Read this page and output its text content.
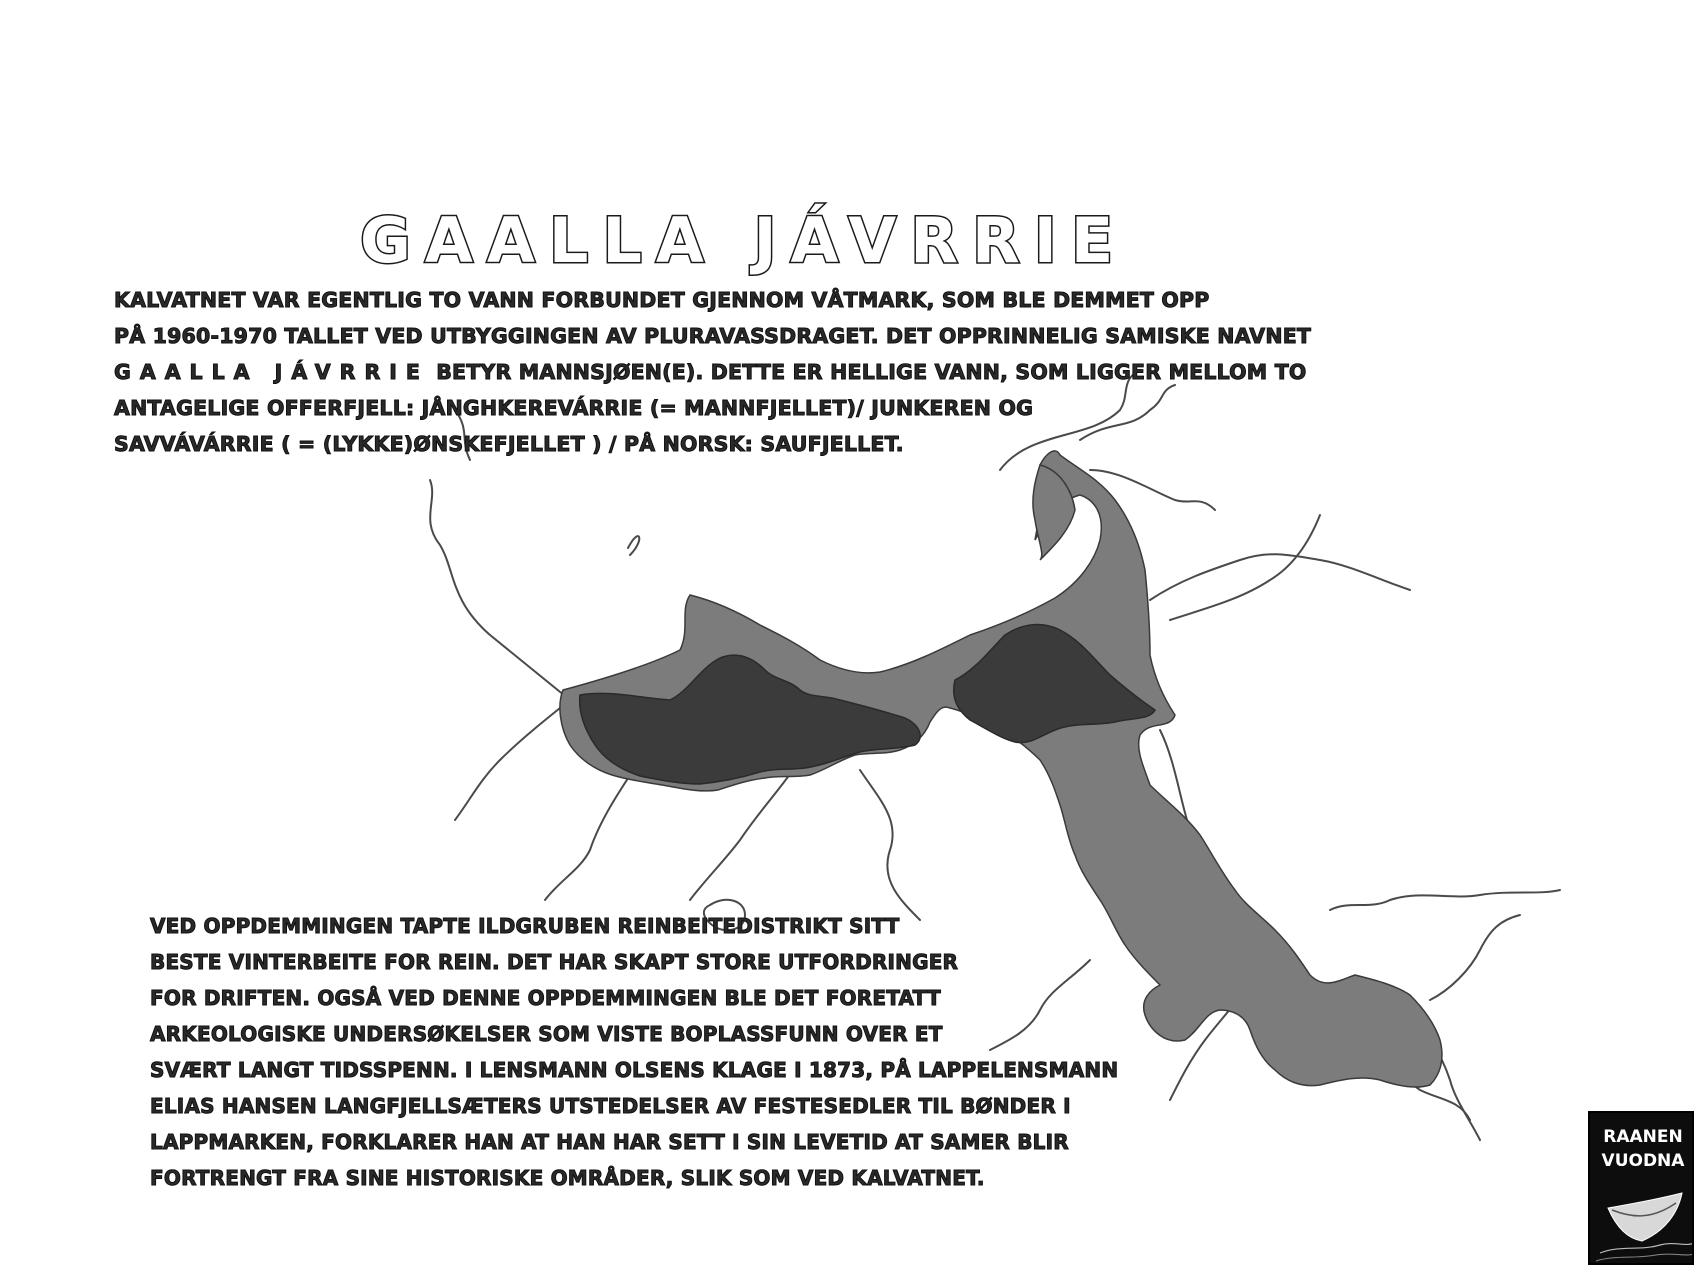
GAALLA JÁVRRIE

KALVATNET VAR EGENTLIG TO VANN FORBUNDET GJENNOM VÅTMARK, SOM BLE DEMMET OPP
PÅ 1960-1970 TALLET VED UTBYGGINGEN AV PLURAVASSDRAGET. DET OPPRINNELIG SAMISKE NAVNET
GAALLA JÁVRRIE BETYR MANNSJØEN(E). DETTE ER HELLIGE VANN, SOM LIGGER MELLOM TO
ANTAGELIGE OFFERFJELL: JÅNGHKEREVÁRRIE (= MANNFJELLET)/ JUNKEREN OG
SAVVÁVÁRRIE ( = (LYKKE)ØNSKEFJELLET ) / PÅ NORSK: SAUFJELLET.

VED OPPDEMMINGEN TAPTE ILDGRUBEN REINBEITEDISTRIKT SITT
BESTE VINTERBEITE FOR REIN. DET HAR SKAPT STORE UTFORDRINGER
FOR DRIFTEN. OGSÅ VED DENNE OPPDEMMINGEN BLE DET FORETATT
ARKEOLOGISKE UNDERSØKELSER SOM VISTE BOPLASSFUNN OVER ET
SVÆRT LANGT TIDSSPENN. I LENSMANN OLSENS KLAGE I 1873, PÅ LAPPELENSMANN
ELIAS HANSEN LANGFJELLSÆTERS UTSTEDELSER AV FESTESEDLER TIL BØNDER I
LAPPMARKEN, FORKLARER HAN AT HAN HAR SETT I SIN LEVETID AT SAMER BLIR
FORTRENGT FRA SINE HISTORISKE OMRÅDER, SLIK SOM VED KALVATNET.

RAANEN
VUODNA
